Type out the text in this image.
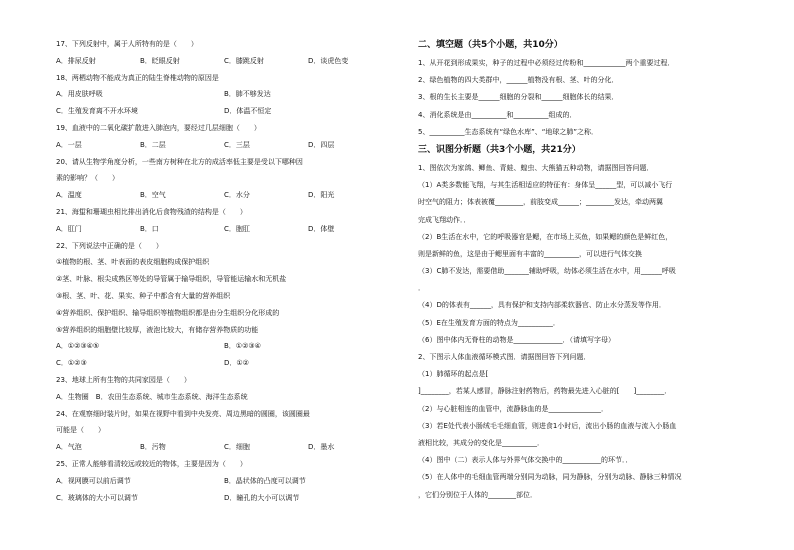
17、下列反射中，属于人所特有的是（　　）
A．排尿反射	B．眨眼反射	C．膝跳反射	D．谈虎色变
18、两栖动物不能成为真正的陆生脊椎动物的原因是
A．用皮肤呼吸	B．肺不够发达
C．生殖发育离不开水环境	D．体温不恒定
19、血液中的二氧化碳扩散进入肺泡内，要经过几层细胞（　　）
A．一层	B．二层	C．三层	D．四层
20、请从生物学角度分析，一些南方树种在北方的成活率低主要是受以下哪种因
素的影响？（　　）
A．温度	B．空气	C．水分	D．阳光
21、海蜇和珊瑚虫相比排出消化后食物残渣的结构是（　　）
A．肛门	B．口	C．胞肛	D．体壁
22、下列说法中正确的是（　　）
①植物的根、茎、叶表面的表皮细胞构成保护组织
②茎、叶脉、根尖成熟区等处的导管属于输导组织，导管能运输水和无机盐
③根、茎、叶、花、果实、种子中都含有大量的营养组织
④营养组织、保护组织、输导组织等植物组织都是由分生组织分化形成的
⑤营养组织的细胞壁比较厚，液泡比较大，有储存营养物质的功能
A．①②③④⑤	B．①②③④
C．①②③	D．①②
23、地球上所有生物的共同家园是（　　）
A．生物圈　B．农田生态系统、城市生态系统、海洋生态系统
24、在观察细时装片时，如果在视野中看到中央发亮、周边黑暗的圆圈，该圆圈最
可能是（　　）
A．气泡	B．污物	C．细胞	D．墨水
25、正常人能够看清较远或较近的物体，主要是因为（　　）
A．视网膜可以前后调节	B．晶状体的凸度可以调节
C．玻璃体的大小可以调节	D．瞳孔的大小可以调节
二、填空题（共5个小题，共10分）
1、从开花到形成果实，种子的过程中必须经过传粉和____________两个重要过程．
2、绿色植物的四大类群中，______植物没有根、茎、叶的分化．
3、根的生长主要是______细胞的分裂和______细胞体长的结果．
4、消化系统是由__________和__________组成的．
5、__________生态系统有“绿色水库”、“地球之肺”之称．
三、识图分析题（共3个小题，共21分）
1、图依次为家鸽、鲫鱼、青蛙、蝗虫、大熊猫五种动物，请据图回答问题．
（1）A类多数能飞翔，与其生活相适应的特征有：身体呈______型，可以减小飞行
时空气的阻力；体表被覆________，前肢变成______；________发达，牵动两翼
完成飞翔动作．．
（2）B生活在水中，它的呼吸器官是鳃，在市场上买鱼，如果鳃的颜色是鲜红色，
则是新鲜的鱼，这是由于鳃里面有丰富的__________，可以进行气体交换
（3）C肺不发达，需要借助_______辅助呼吸，幼体必须生活在水中，用______呼吸
．
（4）D的体表有______，具有保护和支持内部柔软器官、防止水分蒸发等作用．
（5）E在生殖发育方面的特点为__________．
（6）图中体内无脊柱的动物是______________．（请填写字母）
2、下图示人体血液循环模式图．请据图回答下列问题．
（1）肺循环的起点是[
]________，若某人感冒，静脉注射药物后，药物最先进入心脏的[　　]________．
（2）与心脏相连的血管中，流静脉血的是_______________．
（3）若E处代表小肠绒毛毛细血管，则进食1小时后，流出小肠的血液与流入小肠血
液相比较，其成分的变化是__________．
（4）图中（二）表示人体与外界气体交换中的___________的环节．．
（5）在人体中的毛细血管两端分别同为动脉，同为静脉，分别为动脉、静脉三种情况
，它们分别位于人体的________部位．
